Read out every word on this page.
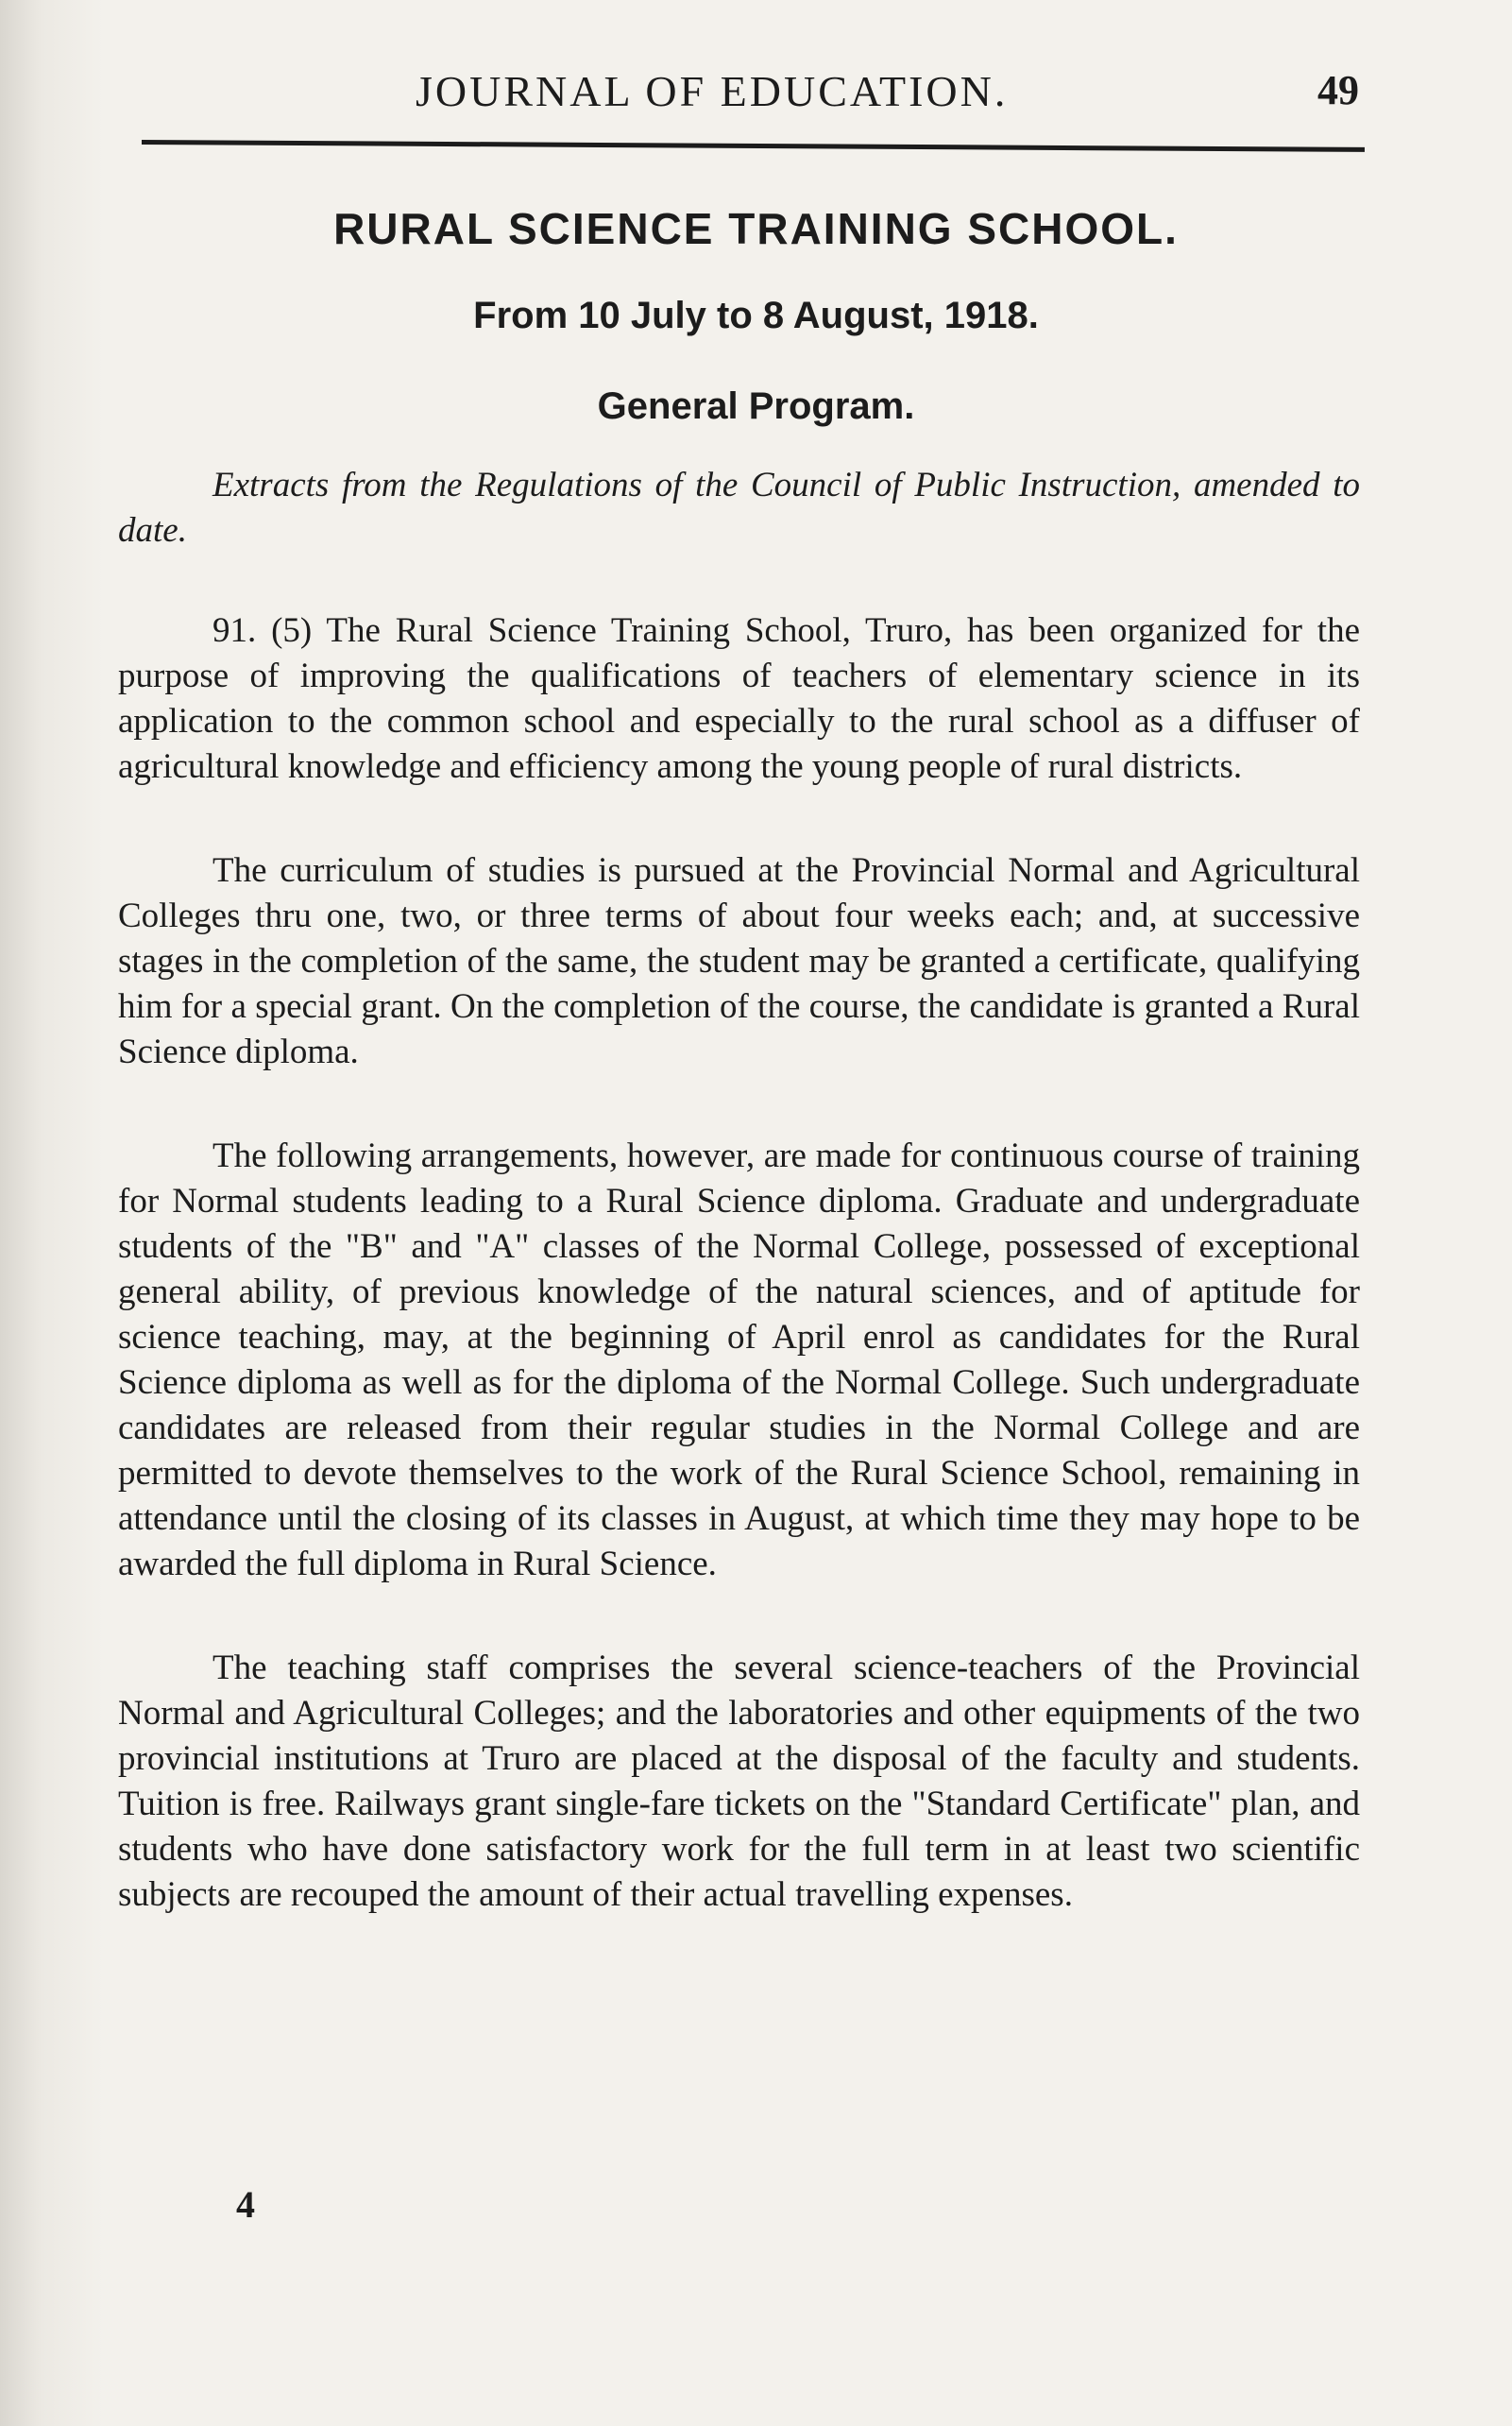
JOURNAL OF EDUCATION.	49
RURAL SCIENCE TRAINING SCHOOL.
From 10 July to 8 August, 1918.
General Program.

Extracts from the Regulations of the Council of Public Instruction, amended to date.

91. (5) The Rural Science Training School, Truro, has been organized for the purpose of improving the qualifications of teachers of elementary science in its application to the common school and especially to the rural school as a diffuser of agricultural knowledge and efficiency among the young people of rural districts.

The curriculum of studies is pursued at the Provincial Normal and Agricultural Colleges thru one, two, or three terms of about four weeks each; and, at successive stages in the completion of the same, the student may be granted a certificate, qualifying him for a special grant. On the completion of the course, the candidate is granted a Rural Science diploma.

The following arrangements, however, are made for continuous course of training for Normal students leading to a Rural Science diploma. Graduate and undergraduate students of the "B" and "A" classes of the Normal College, possessed of exceptional general ability, of previous knowledge of the natural sciences, and of aptitude for science teaching, may, at the beginning of April enrol as candidates for the Rural Science diploma as well as for the diploma of the Normal College. Such undergraduate candidates are released from their regular studies in the Normal College and are permitted to devote themselves to the work of the Rural Science School, remaining in attendance until the closing of its classes in August, at which time they may hope to be awarded the full diploma in Rural Science.

The teaching staff comprises the several science-teachers of the Provincial Normal and Agricultural Colleges; and the laboratories and other equipments of the two provincial institutions at Truro are placed at the disposal of the faculty and students. Tuition is free. Railways grant single-fare tickets on the "Standard Certificate" plan, and students who have done satisfactory work for the full term in at least two scientific subjects are recouped the amount of their actual travelling expenses.

4
